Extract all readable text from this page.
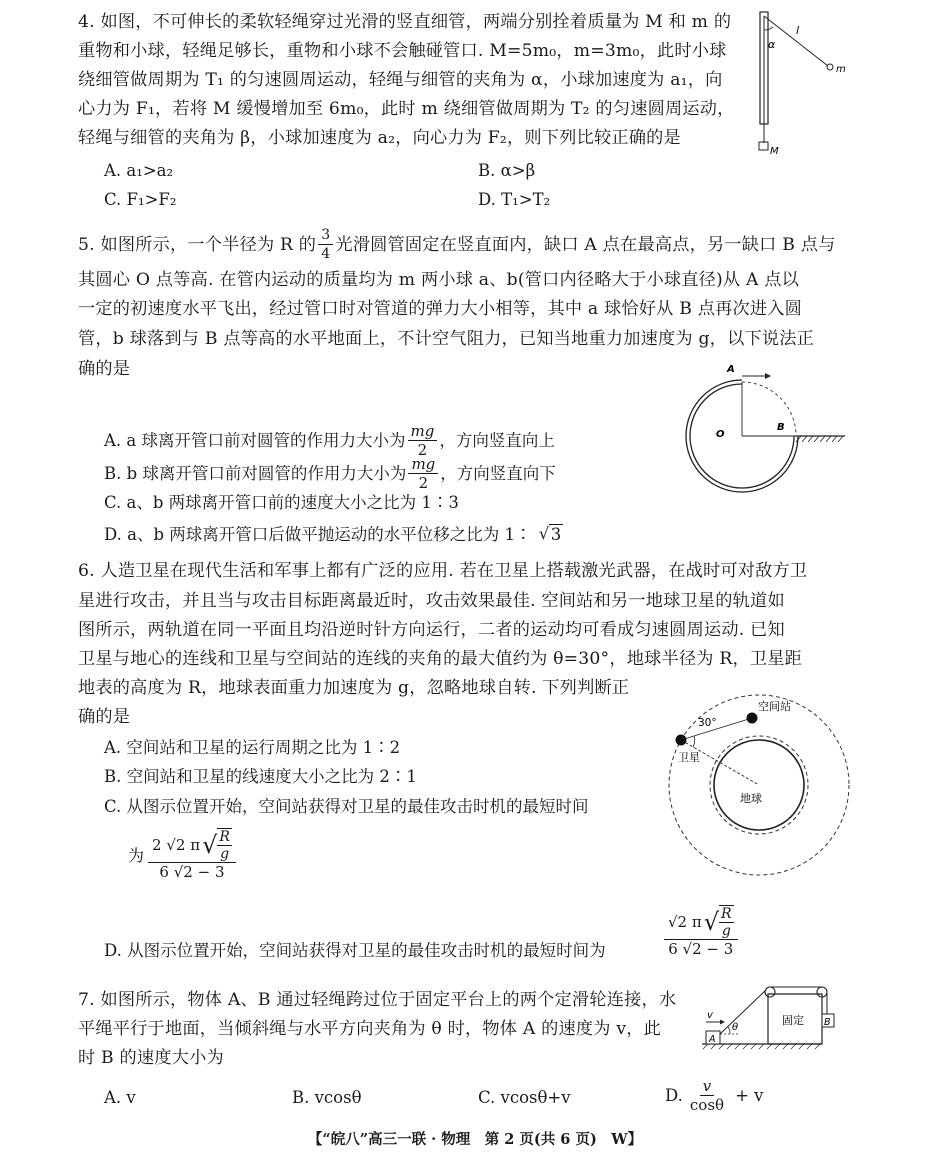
4. 如图，不可伸长的柔软轻绳穿过光滑的竖直细管，两端分别拴着质量为 M 和 m 的
重物和小球，轻绳足够长，重物和小球不会触碰管口. M=5m₀，m=3m₀，此时小球
绕细管做周期为 T₁ 的匀速圆周运动，轻绳与细管的夹角为 α，小球加速度为 a₁，向
心力为 F₁，若将 M 缓慢增加至 6m₀，此时 m 绕细管做周期为 T₂ 的匀速圆周运动，
轻绳与细管的夹角为 β，小球加速度为 a₂，向心力为 F₂，则下列比较正确的是
A. a₁>a₂	B. α>β
C. F₁>F₂	D. T₁>T₂
α
l
m
M
5. 如图所示，一个半径为 R 的 $\frac{3}{4}$ 光滑圆管固定在竖直面内，缺口 A 点在最高点，另一缺口 B 点与
其圆心 O 点等高. 在管内运动的质量均为 m 两小球 a、b(管口内径略大于小球直径)从 A 点以
一定的初速度水平飞出，经过管口时对管道的弹力大小相等，其中 a 球恰好从 B 点再次进入圆
管，b 球落到与 B 点等高的水平地面上，不计空气阻力，已知当地重力加速度为 g，以下说法正
确的是
A. a 球离开管口前对圆管的作用力大小为 $\frac{mg}{2}$ ，方向竖直向上
B. b 球离开管口前对圆管的作用力大小为 $\frac{mg}{2}$ ，方向竖直向下
C. a、b 两球离开管口前的速度大小之比为 1∶3
D. a、b 两球离开管口后做平抛运动的水平位移之比为 1∶ √ 3
A
B
O
6. 人造卫星在现代生活和军事上都有广泛的应用. 若在卫星上搭载激光武器，在战时可对敌方卫
星进行攻击，并且当与攻击目标距离最近时，攻击效果最佳. 空间站和另一地球卫星的轨道如
图所示，两轨道在同一平面且均沿逆时针方向运行，二者的运动均可看成匀速圆周运动. 已知
卫星与地心的连线和卫星与空间站的连线的夹角的最大值约为 θ=30°，地球半径为 R，卫星距
地表的高度为 R，地球表面重力加速度为 g，忽略地球自转. 下列判断正
确的是
A. 空间站和卫星的运行周期之比为 1∶2
B. 空间站和卫星的线速度大小之比为 2∶1
C. 从图示位置开始，空间站获得对卫星的最佳攻击时机的最短时间
为 $\frac{2 √2 \pi √ \frac{R}{g}}{6 √2 - 3}$
D. 从图示位置开始，空间站获得对卫星的最佳攻击时机的最短时间为	$\frac{√2 \pi √ \frac{R}{g}}{6 √2 - 3}$
30°
空间站
卫星
地球
7. 如图所示，物体 A、B 通过轻绳跨过位于固定平台上的两个定滑轮连接，水
平绳平行于地面，当倾斜绳与水平方向夹角为 θ 时，物体 A 的速度为 v，此
时 B 的速度大小为
A. v	B. vcosθ	C. vcosθ+v	D. $\frac{v}{\cos\theta} + v$
v
θ
A
B
固定
【“皖八”高三一联 · 物理　第 2 页(共 6 页)　W】
